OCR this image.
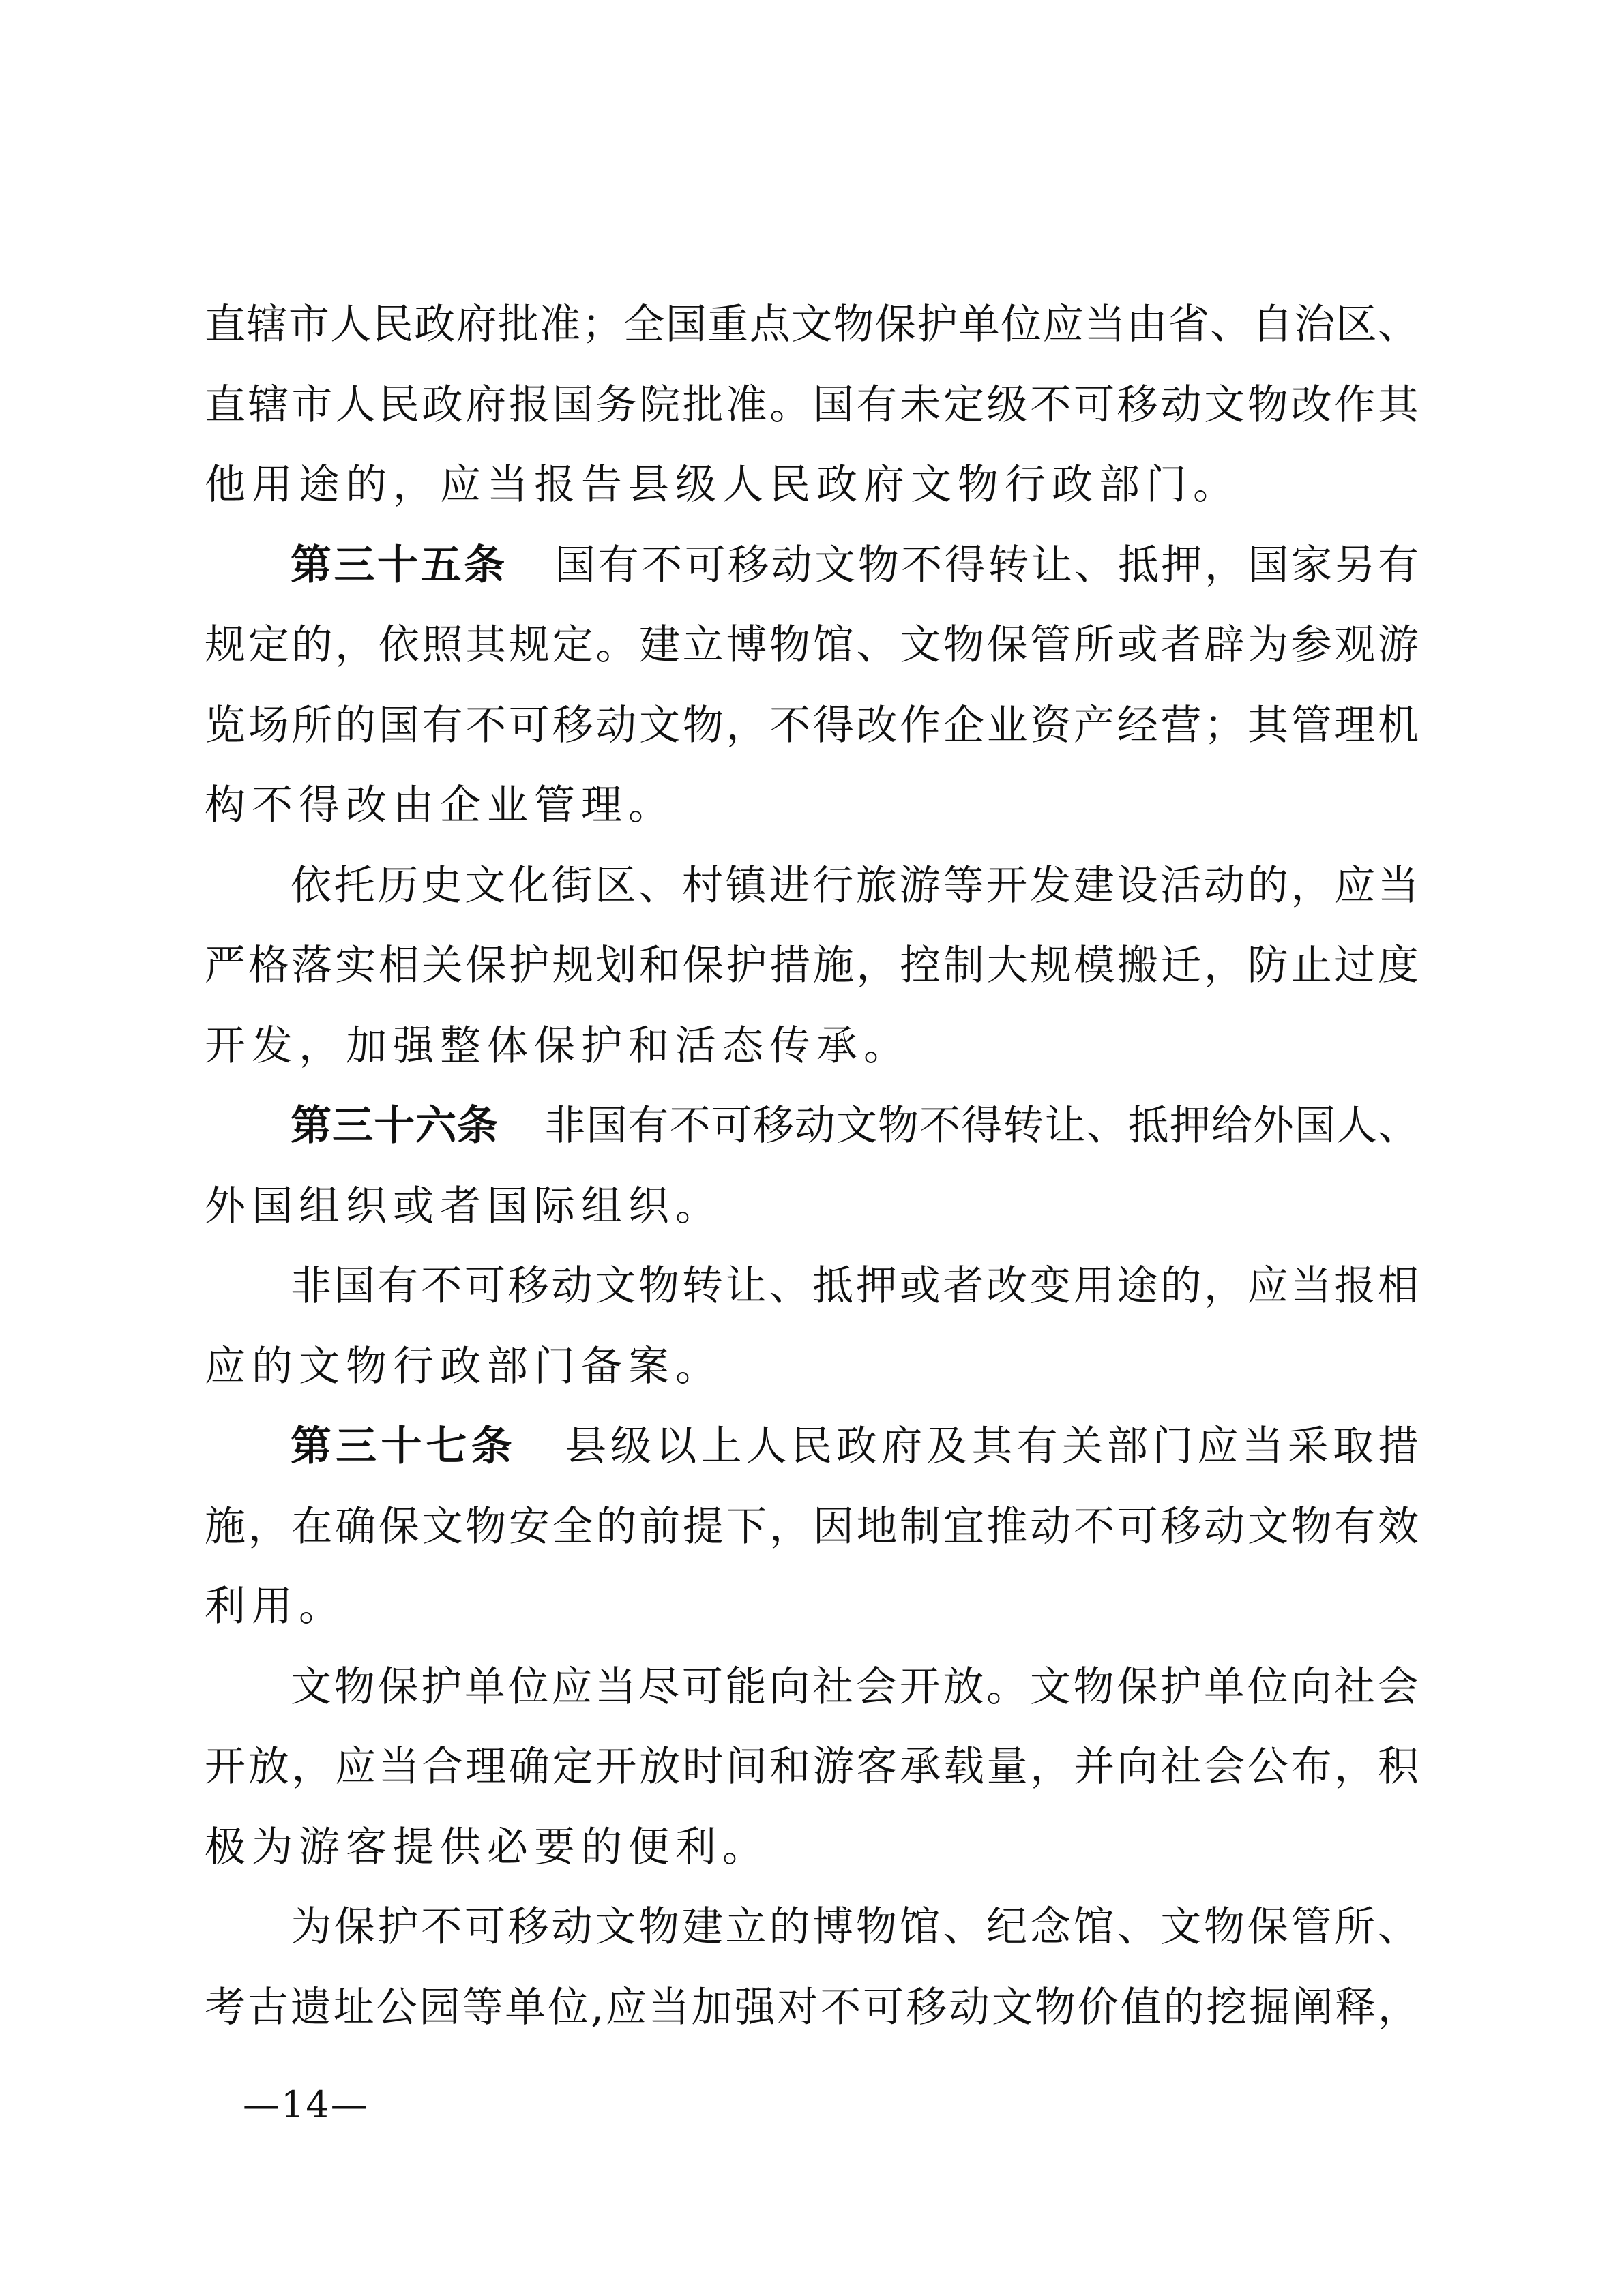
直辖市人民政府批准；全国重点文物保护单位应当由省、自治区、
直辖市人民政府报国务院批准。国有未定级不可移动文物改作其
他用途的，应当报告县级人民政府文物行政部门。
第三十五条 国有不可移动文物不得转让、抵押，国家另有
规定的，依照其规定。建立博物馆、文物保管所或者辟为参观游
览场所的国有不可移动文物，不得改作企业资产经营；其管理机
构不得改由企业管理。
依托历史文化街区、村镇进行旅游等开发建设活动的，应当
严格落实相关保护规划和保护措施，控制大规模搬迁，防止过度
开发，加强整体保护和活态传承。
第三十六条 非国有不可移动文物不得转让、抵押给外国人、
外国组织或者国际组织。
非国有不可移动文物转让、抵押或者改变用途的，应当报相
应的文物行政部门备案。
第三十七条 县级以上人民政府及其有关部门应当采取措
施，在确保文物安全的前提下，因地制宜推动不可移动文物有效
利用。
文物保护单位应当尽可能向社会开放。文物保护单位向社会
开放，应当合理确定开放时间和游客承载量，并向社会公布，积
极为游客提供必要的便利。
为保护不可移动文物建立的博物馆、纪念馆、文物保管所、
考古遗址公园等单位,应当加强对不可移动文物价值的挖掘阐释，
—14—
